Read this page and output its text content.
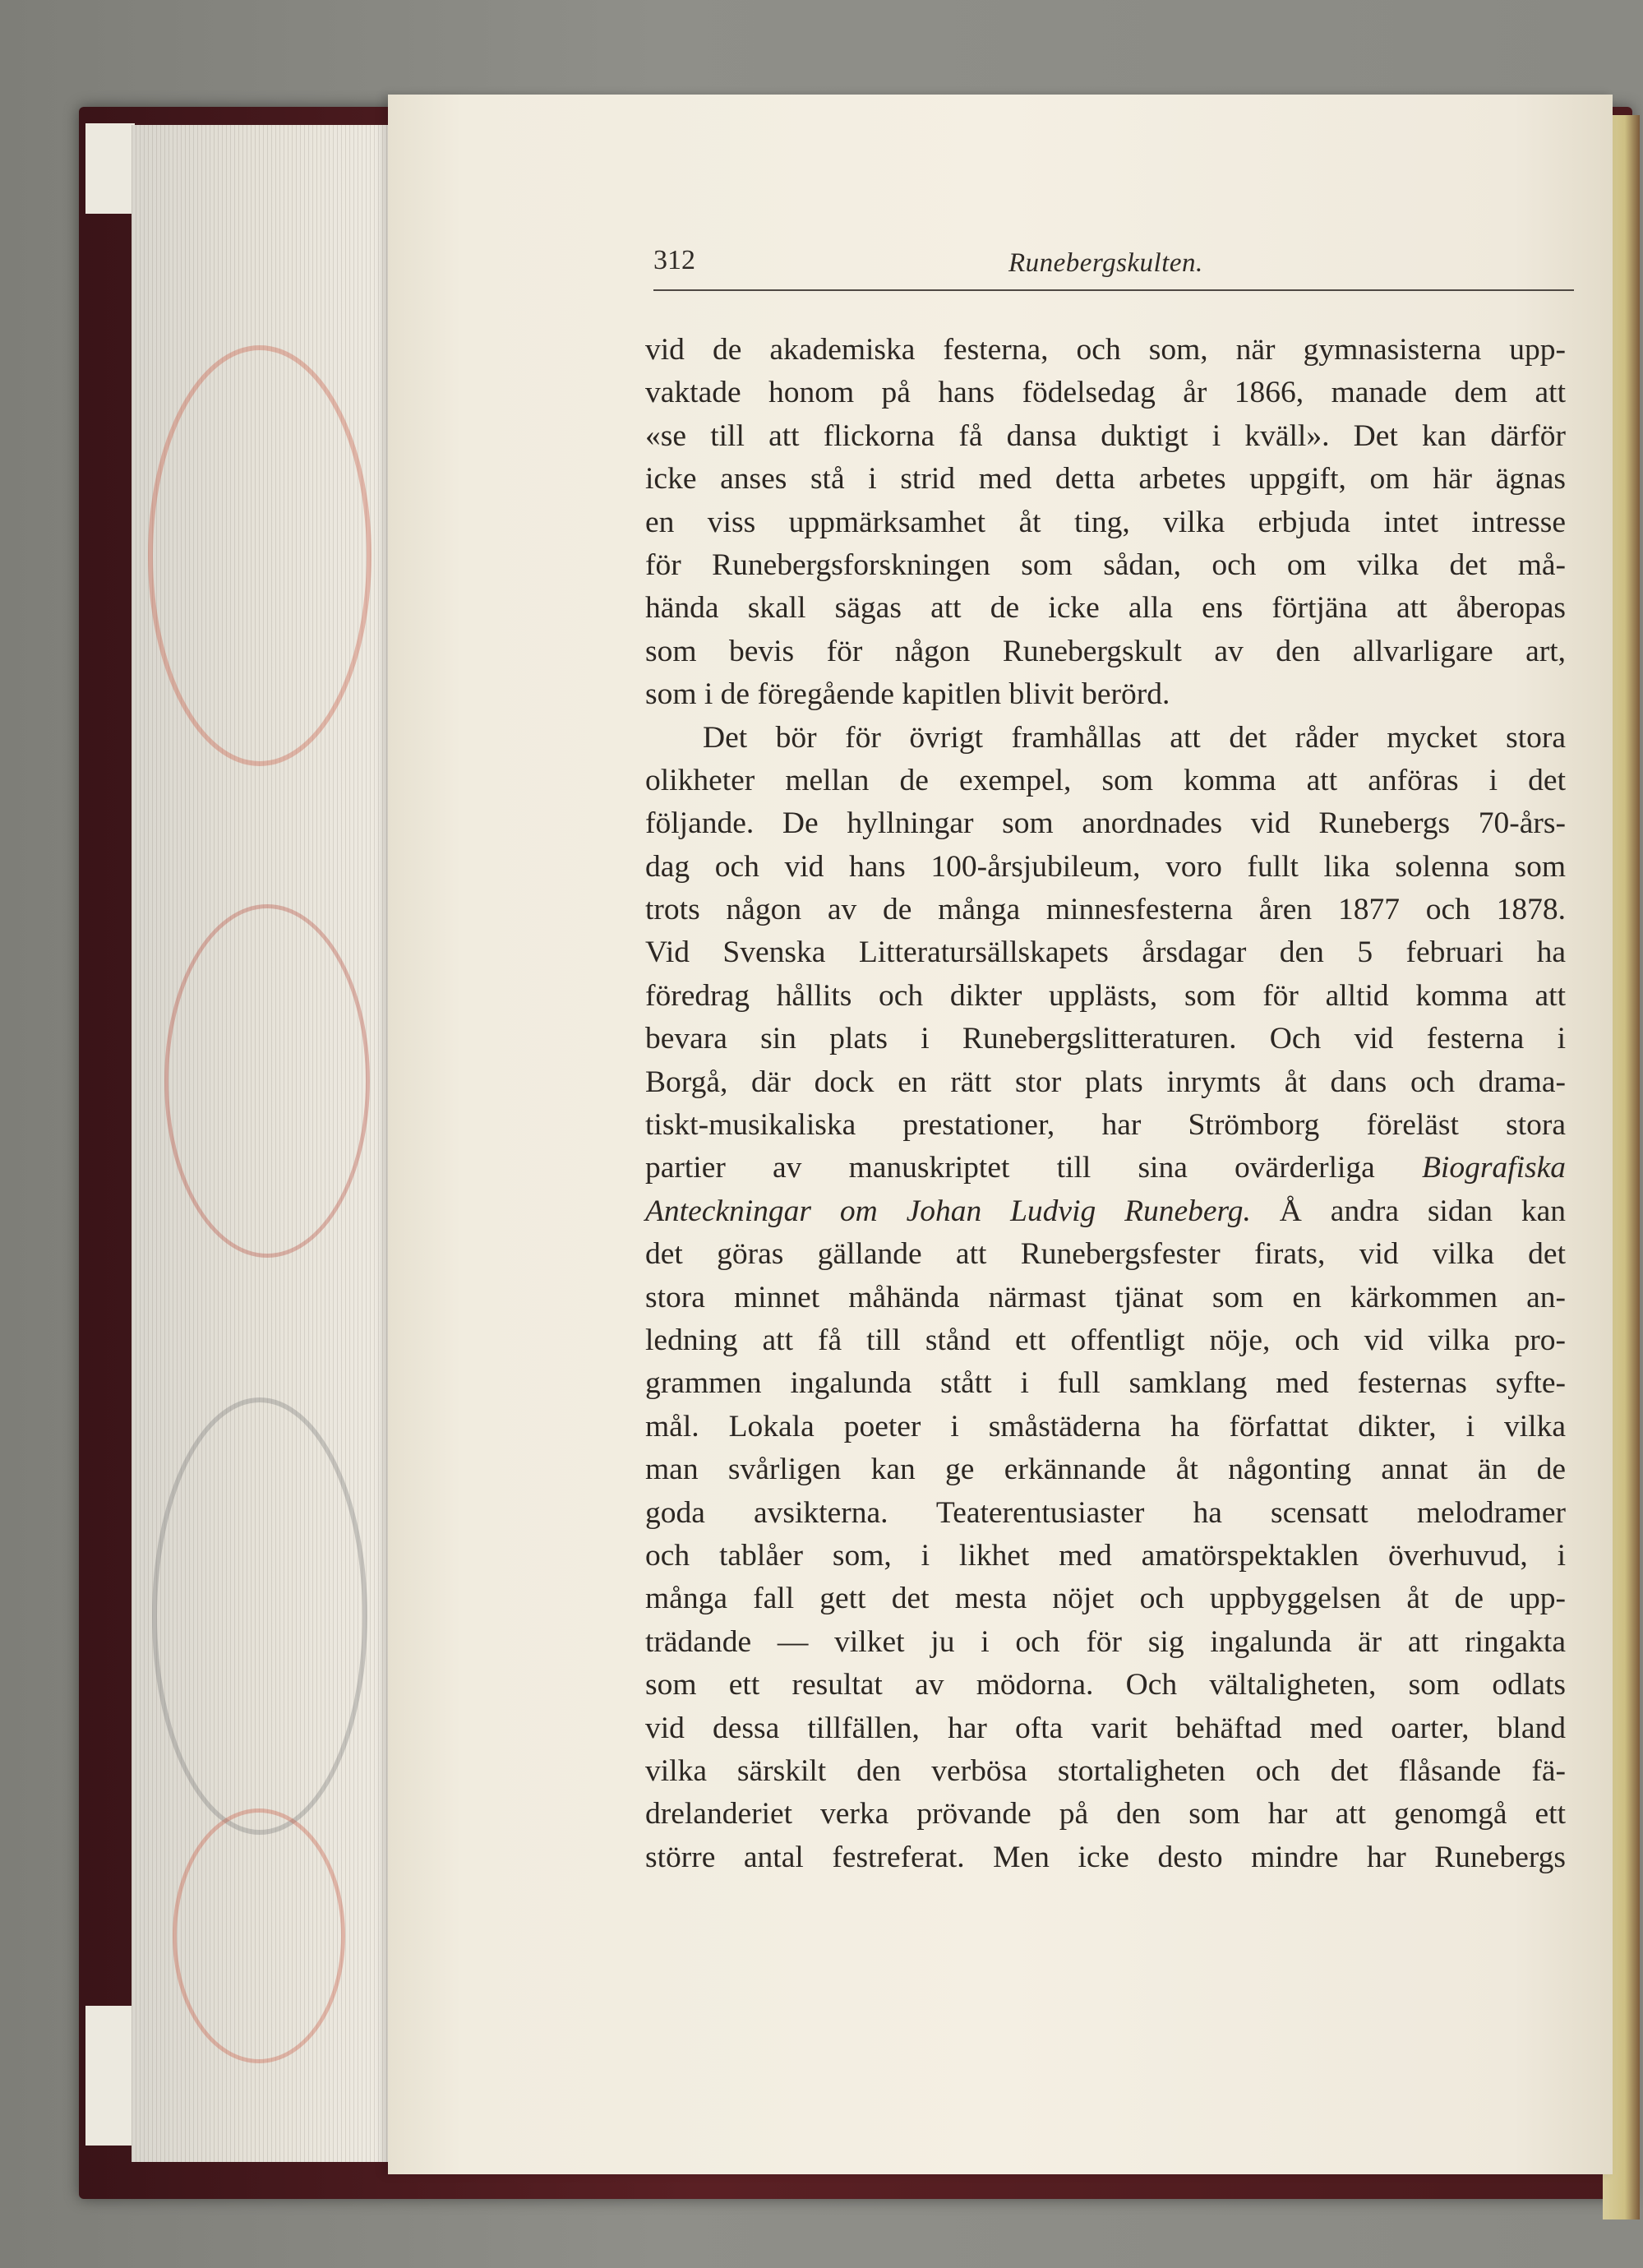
312	Runebergskulten.
vid de akademiska festerna, och som, när gymnasisterna upp-
vaktade honom på hans födelsedag år 1866, manade dem att
«se till att flickorna få dansa duktigt i kväll». Det kan därför
icke anses stå i strid med detta arbetes uppgift, om här ägnas
en viss uppmärksamhet åt ting, vilka erbjuda intet intresse
för Runebergsforskningen som sådan, och om vilka det må-
hända skall sägas att de icke alla ens förtjäna att åberopas
som bevis för någon Runebergskult av den allvarligare art,
som i de föregående kapitlen blivit berörd.
Det bör för övrigt framhållas att det råder mycket stora
olikheter mellan de exempel, som komma att anföras i det
följande. De hyllningar som anordnades vid Runebergs 70-års-
dag och vid hans 100-årsjubileum, voro fullt lika solenna som
trots någon av de många minnesfesterna åren 1877 och 1878.
Vid Svenska Litteratursällskapets årsdagar den 5 februari ha
föredrag hållits och dikter upplästs, som för alltid komma att
bevara sin plats i Runebergslitteraturen. Och vid festerna i
Borgå, där dock en rätt stor plats inrymts åt dans och drama-
tiskt-musikaliska prestationer, har Strömborg föreläst stora
partier av manuskriptet till sina ovärderliga Biografiska
Anteckningar om Johan Ludvig Runeberg. Å andra sidan kan
det göras gällande att Runebergsfester firats, vid vilka det
stora minnet måhända närmast tjänat som en kärkommen an-
ledning att få till stånd ett offentligt nöje, och vid vilka pro-
grammen ingalunda stått i full samklang med festernas syfte-
mål. Lokala poeter i småstäderna ha författat dikter, i vilka
man svårligen kan ge erkännande åt någonting annat än de
goda avsikterna. Teaterentusiaster ha scensatt melodramer
och tablåer som, i likhet med amatörspektaklen överhuvud, i
många fall gett det mesta nöjet och uppbyggelsen åt de upp-
trädande — vilket ju i och för sig ingalunda är att ringakta
som ett resultat av mödorna. Och vältaligheten, som odlats
vid dessa tillfällen, har ofta varit behäftad med oarter, bland
vilka särskilt den verbösa stortaligheten och det flåsande fä-
drelanderiet verka prövande på den som har att genomgå ett
större antal festreferat. Men icke desto mindre har Runebergs
